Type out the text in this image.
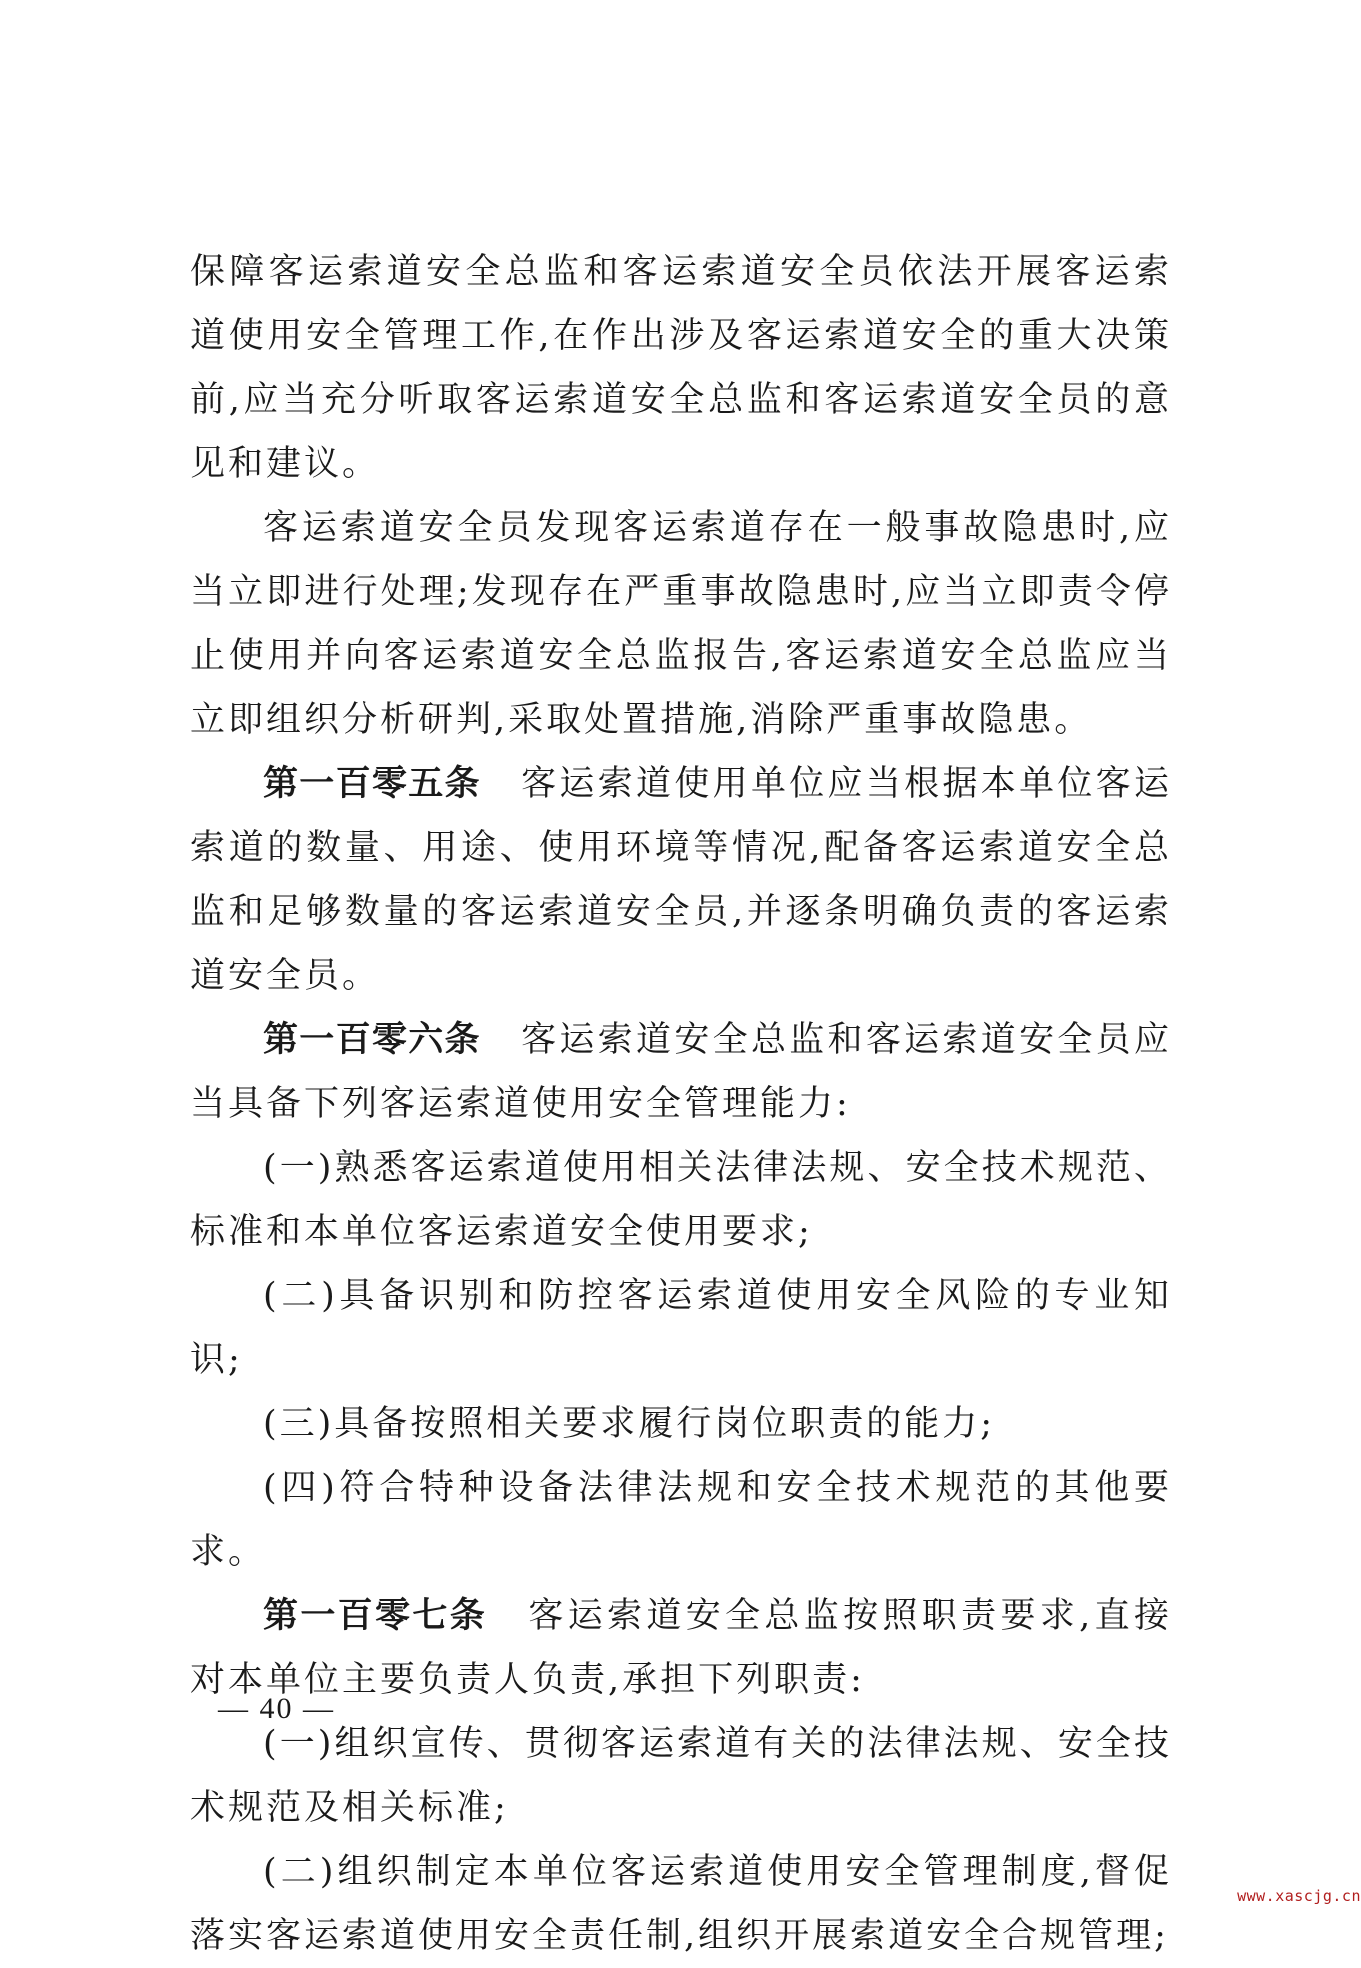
保障客运索道安全总监和客运索道安全员依法开展客运索道使用安全管理工作,在作出涉及客运索道安全的重大决策前,应当充分听取客运索道安全总监和客运索道安全员的意见和建议。

客运索道安全员发现客运索道存在一般事故隐患时,应当立即进行处理;发现存在严重事故隐患时,应当立即责令停止使用并向客运索道安全总监报告,客运索道安全总监应当立即组织分析研判,采取处置措施,消除严重事故隐患。

第一百零五条 客运索道使用单位应当根据本单位客运索道的数量、用途、使用环境等情况,配备客运索道安全总监和足够数量的客运索道安全员,并逐条明确负责的客运索道安全员。

第一百零六条 客运索道安全总监和客运索道安全员应当具备下列客运索道使用安全管理能力:

(一)熟悉客运索道使用相关法律法规、安全技术规范、标准和本单位客运索道安全使用要求;

(二)具备识别和防控客运索道使用安全风险的专业知识;

(三)具备按照相关要求履行岗位职责的能力;

(四)符合特种设备法律法规和安全技术规范的其他要求。

第一百零七条 客运索道安全总监按照职责要求,直接对本单位主要负责人负责,承担下列职责:

(一)组织宣传、贯彻客运索道有关的法律法规、安全技术规范及相关标准;

(二)组织制定本单位客运索道使用安全管理制度,督促落实客运索道使用安全责任制,组织开展索道安全合规管理;

— 40 —
www.xascjg.cn
